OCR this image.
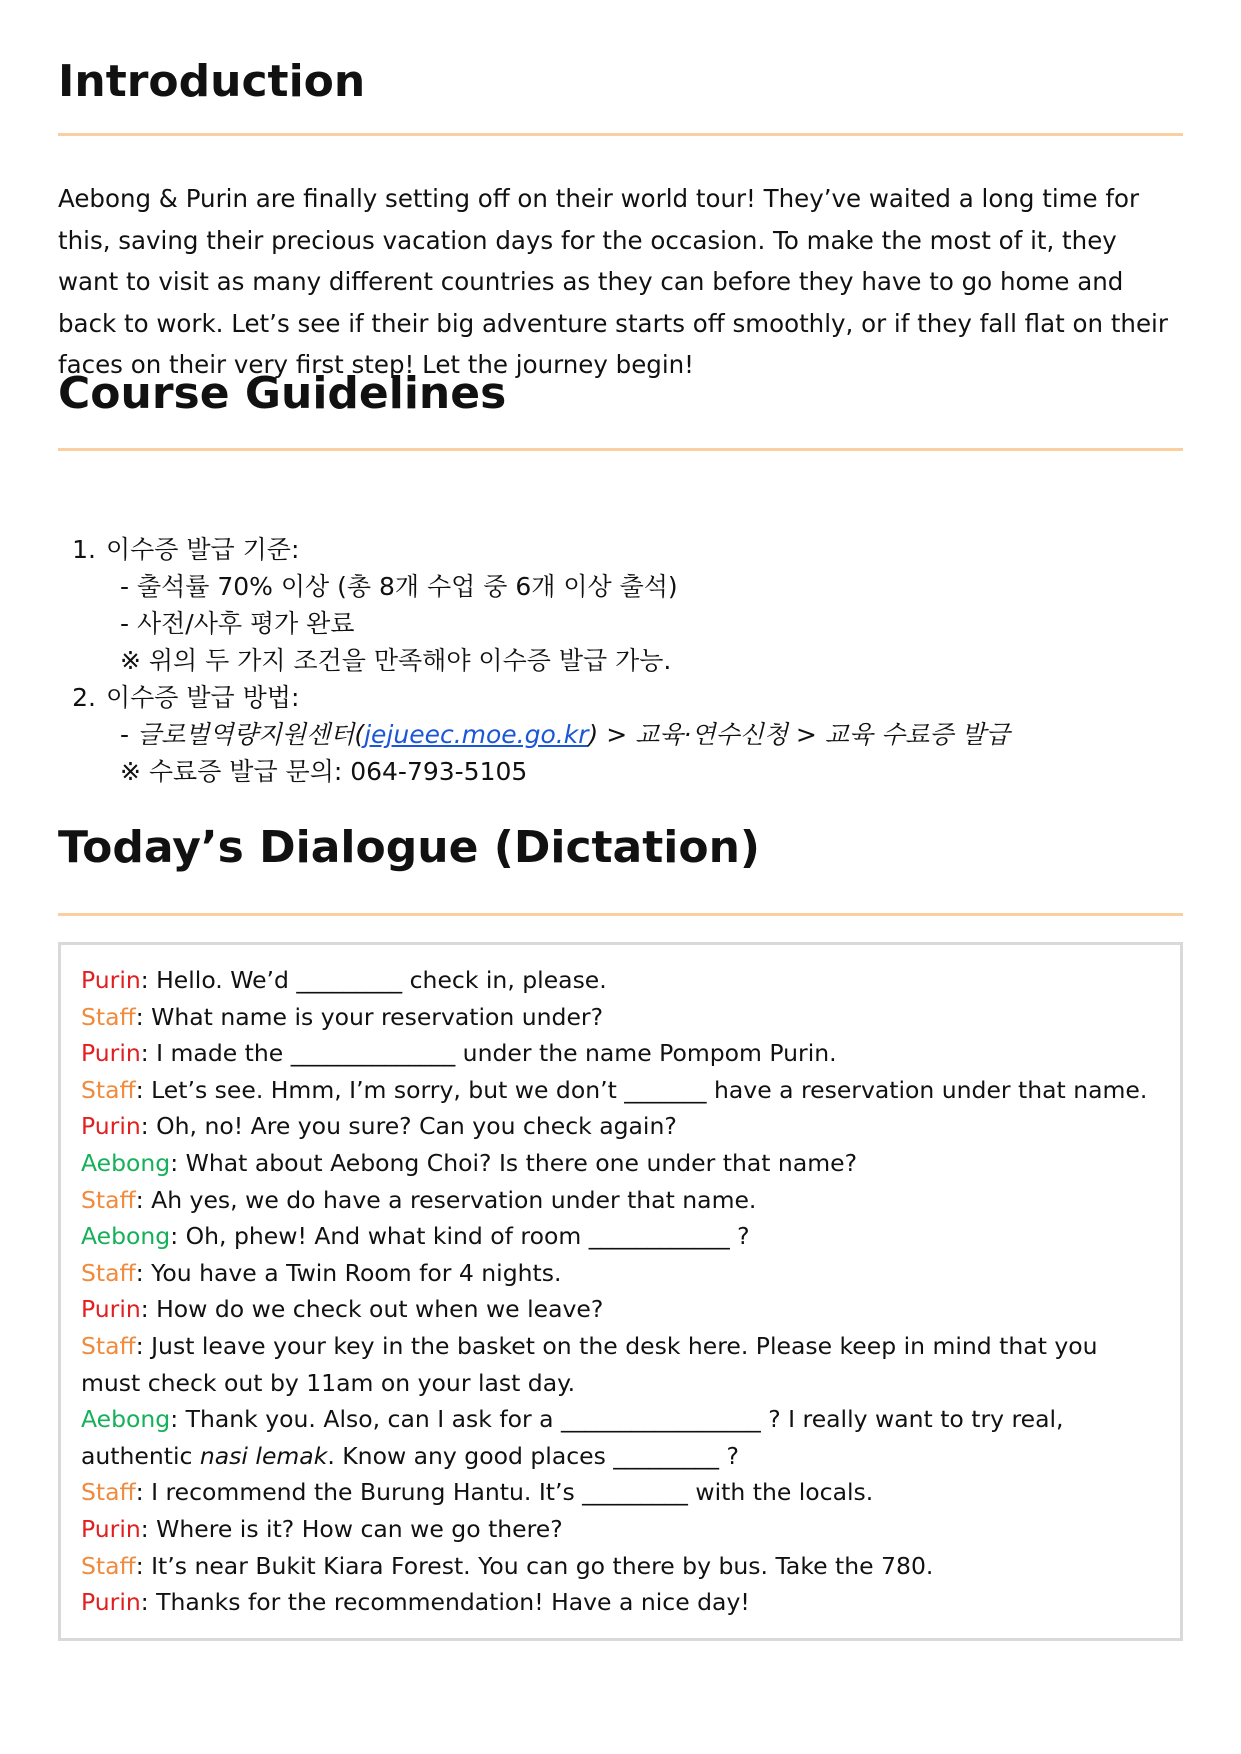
Introduction

Aebong & Purin are finally setting off on their world tour! They’ve waited a long time for this, saving their precious vacation days for the occasion. To make the most of it, they want to visit as many different countries as they can before they have to go home and back to work. Let’s see if their big adventure starts off smoothly, or if they fall flat on their faces on their very first step! Let the journey begin!

Course Guidelines
1. 이수증 발급 기준:
- 출석률 70% 이상 (총 8개 수업 중 6개 이상 출석)
- 사전/사후 평가 완료
※ 위의 두 가지 조건을 만족해야 이수증 발급 가능.
2. 이수증 발급 방법:
- 글로벌역량지원센터(jejueec.moe.go.kr) > 교육·연수신청 > 교육 수료증 발급
※ 수료증 발급 문의: 064-793-5105
Today’s Dialogue (Dictation)

Purin: Hello. We’d _________ check in, please.

Staff: What name is your reservation under?

Purin: I made the ______________ under the name Pompom Purin.

Staff: Let’s see. Hmm, I’m sorry, but we don’t _______ have a reservation under that name.

Purin: Oh, no! Are you sure? Can you check again?

Aebong: What about Aebong Choi? Is there one under that name?

Staff: Ah yes, we do have a reservation under that name.

Aebong: Oh, phew! And what kind of room ____________ ?

Staff: You have a Twin Room for 4 nights.

Purin: How do we check out when we leave?

Staff: Just leave your key in the basket on the desk here. Please keep in mind that you must check out by 11am on your last day.

Aebong: Thank you. Also, can I ask for a _________________ ? I really want to try real, authentic nasi lemak. Know any good places _________ ?

Staff: I recommend the Burung Hantu. It’s _________ with the locals.

Purin: Where is it? How can we go there?

Staff: It’s near Bukit Kiara Forest. You can go there by bus. Take the 780.

Purin: Thanks for the recommendation! Have a nice day!
